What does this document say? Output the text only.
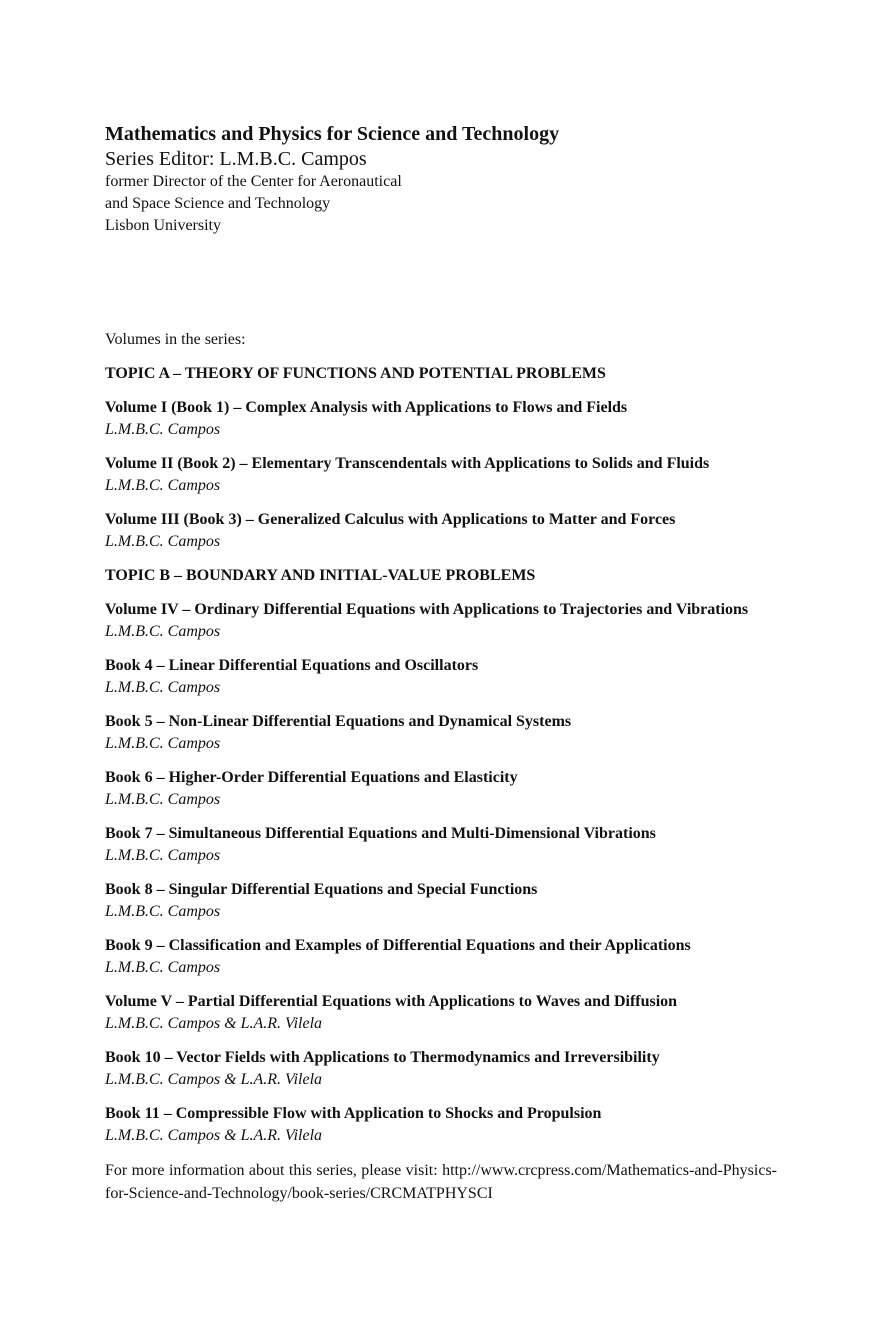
Mathematics and Physics for Science and Technology
Series Editor: L.M.B.C. Campos
former Director of the Center for Aeronautical
and Space Science and Technology
Lisbon University
Volumes in the series:
TOPIC A – THEORY OF FUNCTIONS AND POTENTIAL PROBLEMS
Volume I (Book 1) – Complex Analysis with Applications to Flows and Fields
L.M.B.C. Campos
Volume II (Book 2) – Elementary Transcendentals with Applications to Solids and Fluids
L.M.B.C. Campos
Volume III (Book 3) – Generalized Calculus with Applications to Matter and Forces
L.M.B.C. Campos
TOPIC B – BOUNDARY AND INITIAL-VALUE PROBLEMS
Volume IV – Ordinary Differential Equations with Applications to Trajectories and Vibrations
L.M.B.C. Campos
Book 4 – Linear Differential Equations and Oscillators
L.M.B.C. Campos
Book 5 – Non-Linear Differential Equations and Dynamical Systems
L.M.B.C. Campos
Book 6 – Higher-Order Differential Equations and Elasticity
L.M.B.C. Campos
Book 7 – Simultaneous Differential Equations and Multi-Dimensional Vibrations
L.M.B.C. Campos
Book 8 – Singular Differential Equations and Special Functions
L.M.B.C. Campos
Book 9 – Classification and Examples of Differential Equations and their Applications
L.M.B.C. Campos
Volume V – Partial Differential Equations with Applications to Waves and Diffusion
L.M.B.C. Campos & L.A.R. Vilela
Book 10 – Vector Fields with Applications to Thermodynamics and Irreversibility
L.M.B.C. Campos & L.A.R. Vilela
Book 11 – Compressible Flow with Application to Shocks and Propulsion
L.M.B.C. Campos & L.A.R. Vilela
For more information about this series, please visit: http://www.crcpress.com/Mathematics-and-Physics-for-Science-and-Technology/book-series/CRCMATPHYSCI
